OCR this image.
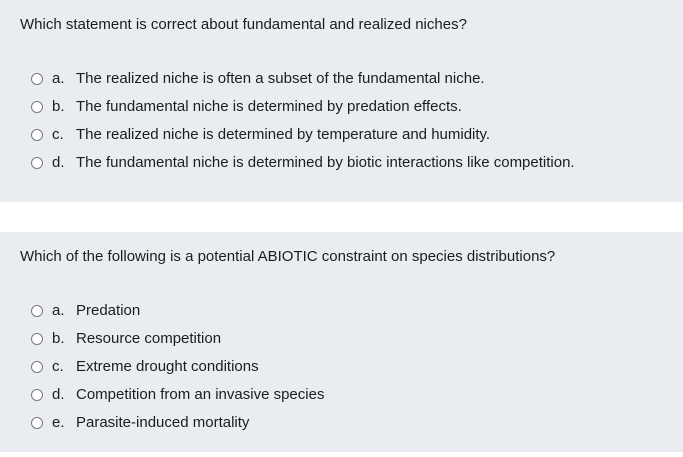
Which statement is correct about fundamental and realized niches?
a. The realized niche is often a subset of the fundamental niche.
b. The fundamental niche is determined by predation effects.
c. The realized niche is determined by temperature and humidity.
d. The fundamental niche is determined by biotic interactions like competition.
Which of the following is a potential ABIOTIC constraint on species distributions?
a. Predation
b. Resource competition
c. Extreme drought conditions
d. Competition from an invasive species
e. Parasite-induced mortality
